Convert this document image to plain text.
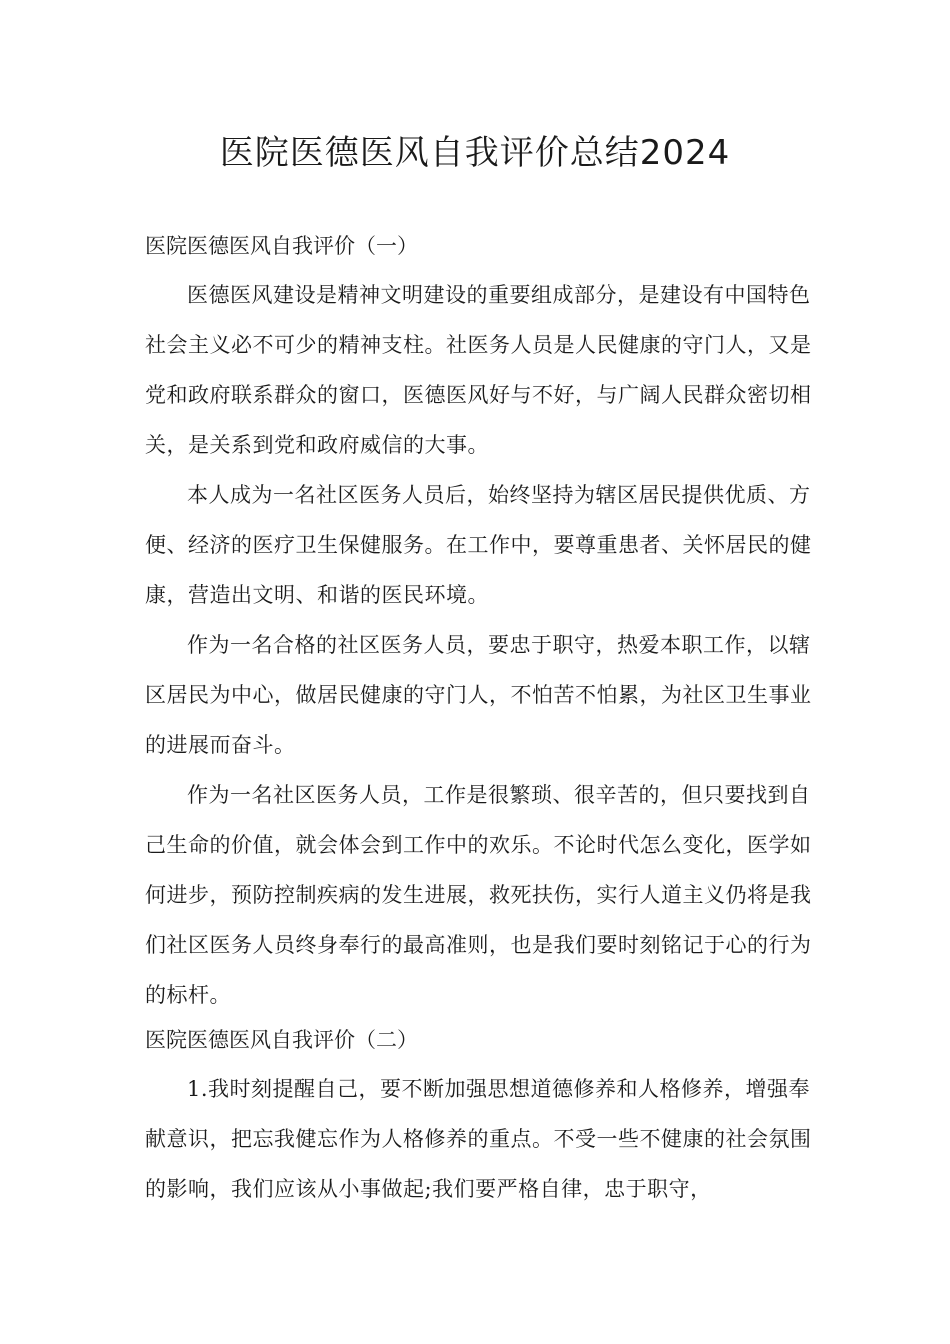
医院医德医风自我评价总结2024
医院医德医风自我评价（一）

医德医风建设是精神文明建设的重要组成部分，是建设有中国特色社会主义必不可少的精神支柱。社医务人员是人民健康的守门人，又是党和政府联系群众的窗口，医德医风好与不好，与广阔人民群众密切相关，是关系到党和政府威信的大事。

本人成为一名社区医务人员后，始终坚持为辖区居民提供优质、方便、经济的医疗卫生保健服务。在工作中，要尊重患者、关怀居民的健康，营造出文明、和谐的医民环境。

作为一名合格的社区医务人员，要忠于职守，热爱本职工作，以辖区居民为中心，做居民健康的守门人，不怕苦不怕累，为社区卫生事业的进展而奋斗。

作为一名社区医务人员，工作是很繁琐、很辛苦的，但只要找到自己生命的价值，就会体会到工作中的欢乐。不论时代怎么变化，医学如何进步，预防控制疾病的发生进展，救死扶伤，实行人道主义仍将是我们社区医务人员终身奉行的最高准则，也是我们要时刻铭记于心的行为的标杆。

医院医德医风自我评价（二）

1.我时刻提醒自己，要不断加强思想道德修养和人格修养，增强奉献意识，把忘我健忘作为人格修养的重点。不受一些不健康的社会氛围的影响，我们应该从小事做起;我们要严格自律，忠于职守，
